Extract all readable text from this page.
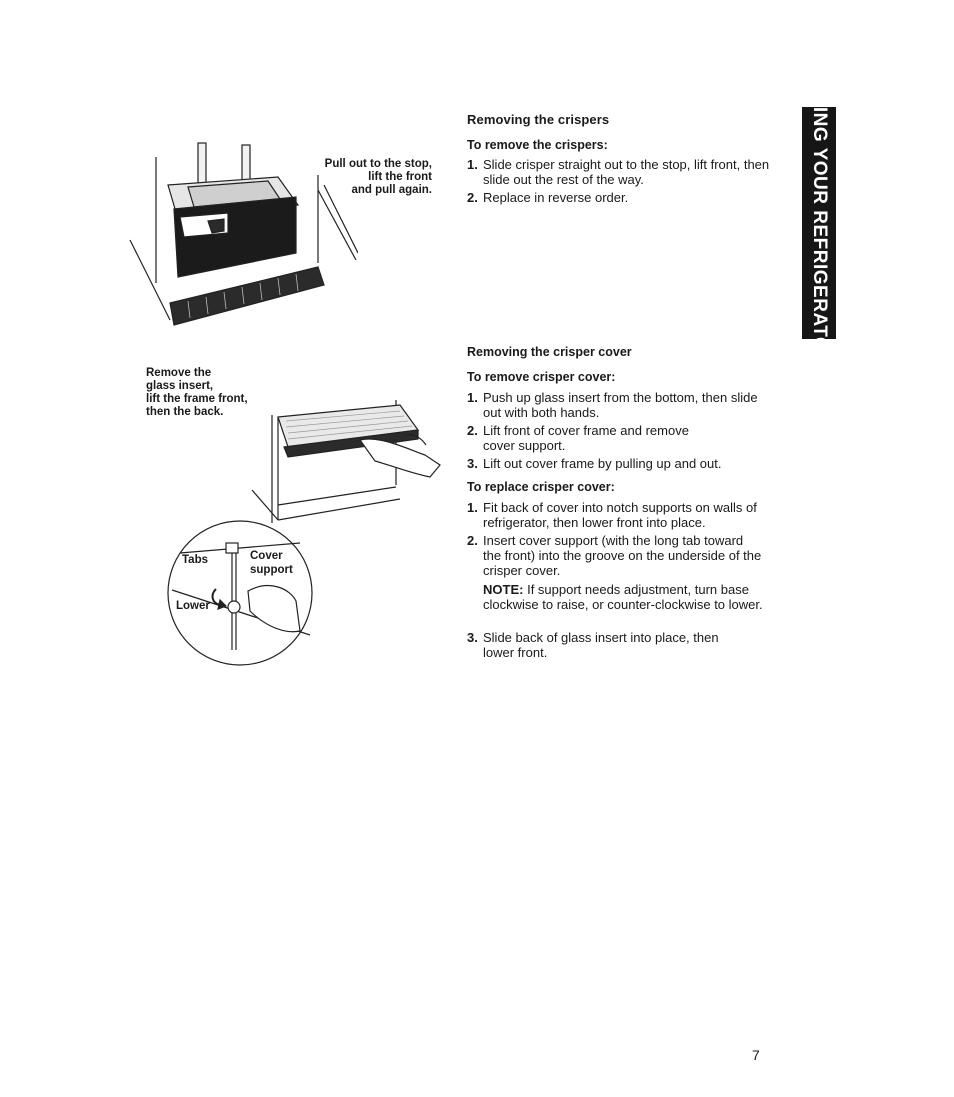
USING YOUR REFRIGERATOR
Pull out to the stop,
lift the front
and pull again.
Removing the crispers
To remove the crispers:
1. Slide crisper straight out to the stop, lift front, then slide out the rest of the way.
2. Replace in reverse order.
Remove the
glass insert,
lift the frame front,
then the back.
Tabs	Cover
support
Lower
Removing the crisper cover
To remove crisper cover:
1. Push up glass insert from the bottom, then slide out with both hands.
2. Lift front of cover frame and remove cover support.
3. Lift out cover frame by pulling up and out.
To replace crisper cover:
1. Fit back of cover into notch supports on walls of refrigerator, then lower front into place.
2. Insert cover support (with the long tab toward the front) into the groove on the underside of the crisper cover.
NOTE: If support needs adjustment, turn base clockwise to raise, or counter-clockwise to lower.
3. Slide back of glass insert into place, then lower front.
7
